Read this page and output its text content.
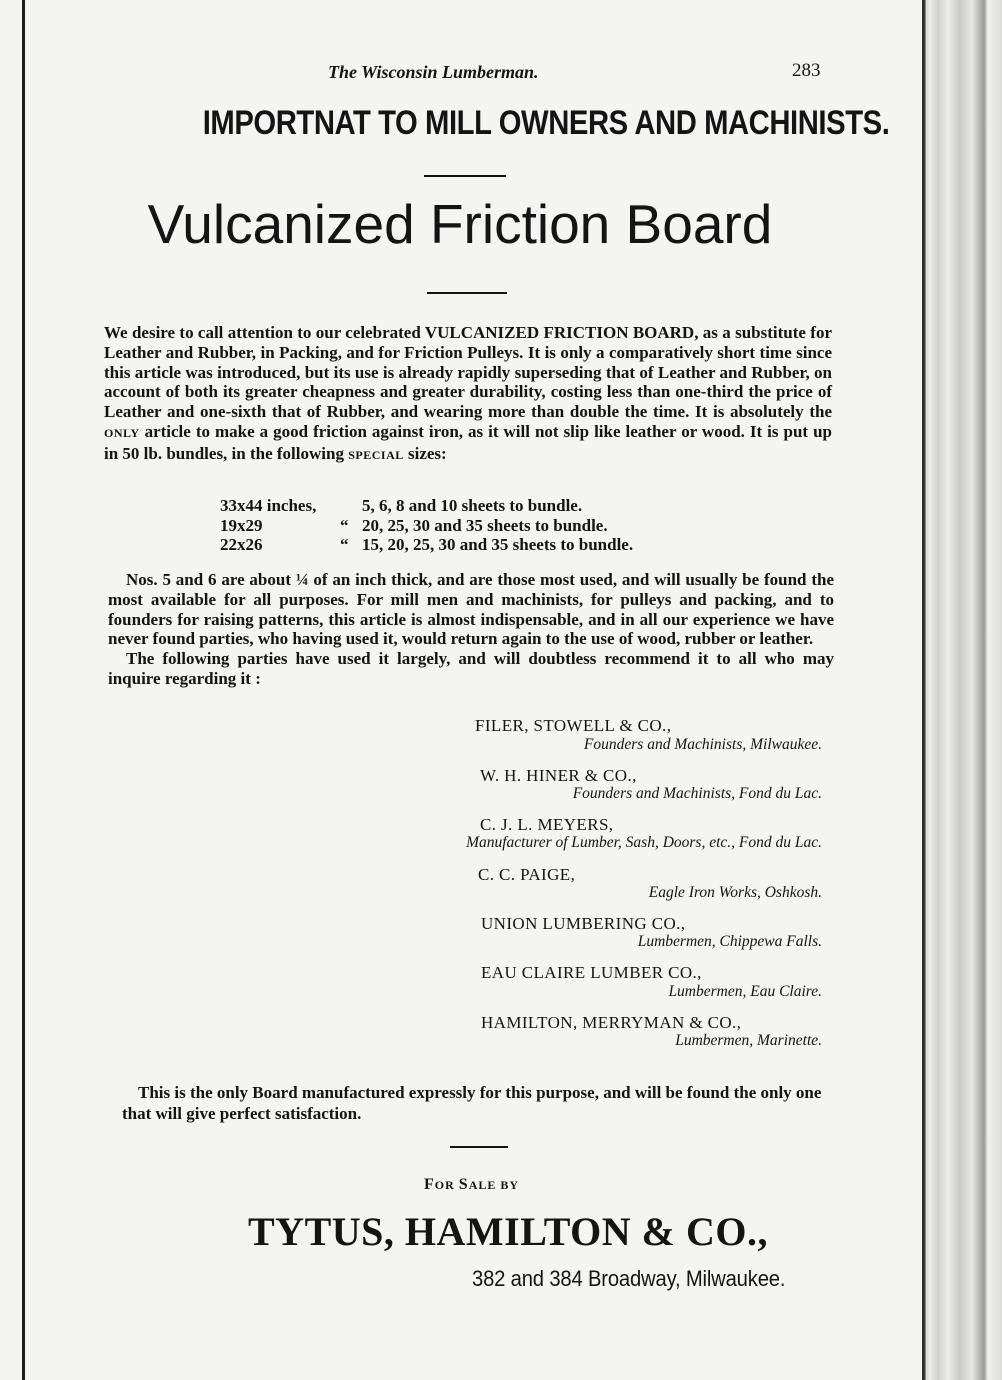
The Wisconsin Lumberman.	283

IMPORTNAT TO MILL OWNERS AND MACHINISTS.
Vulcanized Friction Board
We desire to call attention to our celebrated VULCANIZED FRICTION BOARD, as a substitute for Leather and Rubber, in Packing, and for Friction Pulleys. It is only a comparatively short time since this article was introduced, but its use is already rapidly superseding that of Leather and Rubber, on account of both its greater cheapness and greater durability, costing less than one-third the price of Leather and one-sixth that of Rubber, and wearing more than double the time. It is absolutely the ONLY article to make a good friction against iron, as it will not slip like leather or wood. It is put up in 50 lb. bundles, in the following SPECIAL sizes:
33x44 inches,	5, 6, 8 and 10 sheets to bundle.
19x29	“ 20, 25, 30 and 35 sheets to bundle.
22x26	“ 15, 20, 25, 30 and 35 sheets to bundle.
Nos. 5 and 6 are about ¼ of an inch thick, and are those most used, and will usually be found the most available for all purposes. For mill men and machinists, for pulleys and packing, and to founders for raising patterns, this article is almost indispensable, and in all our experience we have never found parties, who having used it, would return again to the use of wood, rubber or leather.
The following parties have used it largely, and will doubtless recommend it to all who may inquire regarding it :
FILER, STOWELL & CO.,
Founders and Machinists, Milwaukee.
W. H. HINER & CO.,
Founders and Machinists, Fond du Lac.
C. J. L. MEYERS,
Manufacturer of Lumber, Sash, Doors, etc., Fond du Lac.
C. C. PAIGE,
Eagle Iron Works, Oshkosh.
UNION LUMBERING CO.,
Lumbermen, Chippewa Falls.
EAU CLAIRE LUMBER CO.,
Lumbermen, Eau Claire.
HAMILTON, MERRYMAN & CO.,
Lumbermen, Marinette.
This is the only Board manufactured expressly for this purpose, and will be found the only one that will give perfect satisfaction.

FOR SALE BY

TYTUS, HAMILTON & CO.,

382 and 384 Broadway, Milwaukee.
